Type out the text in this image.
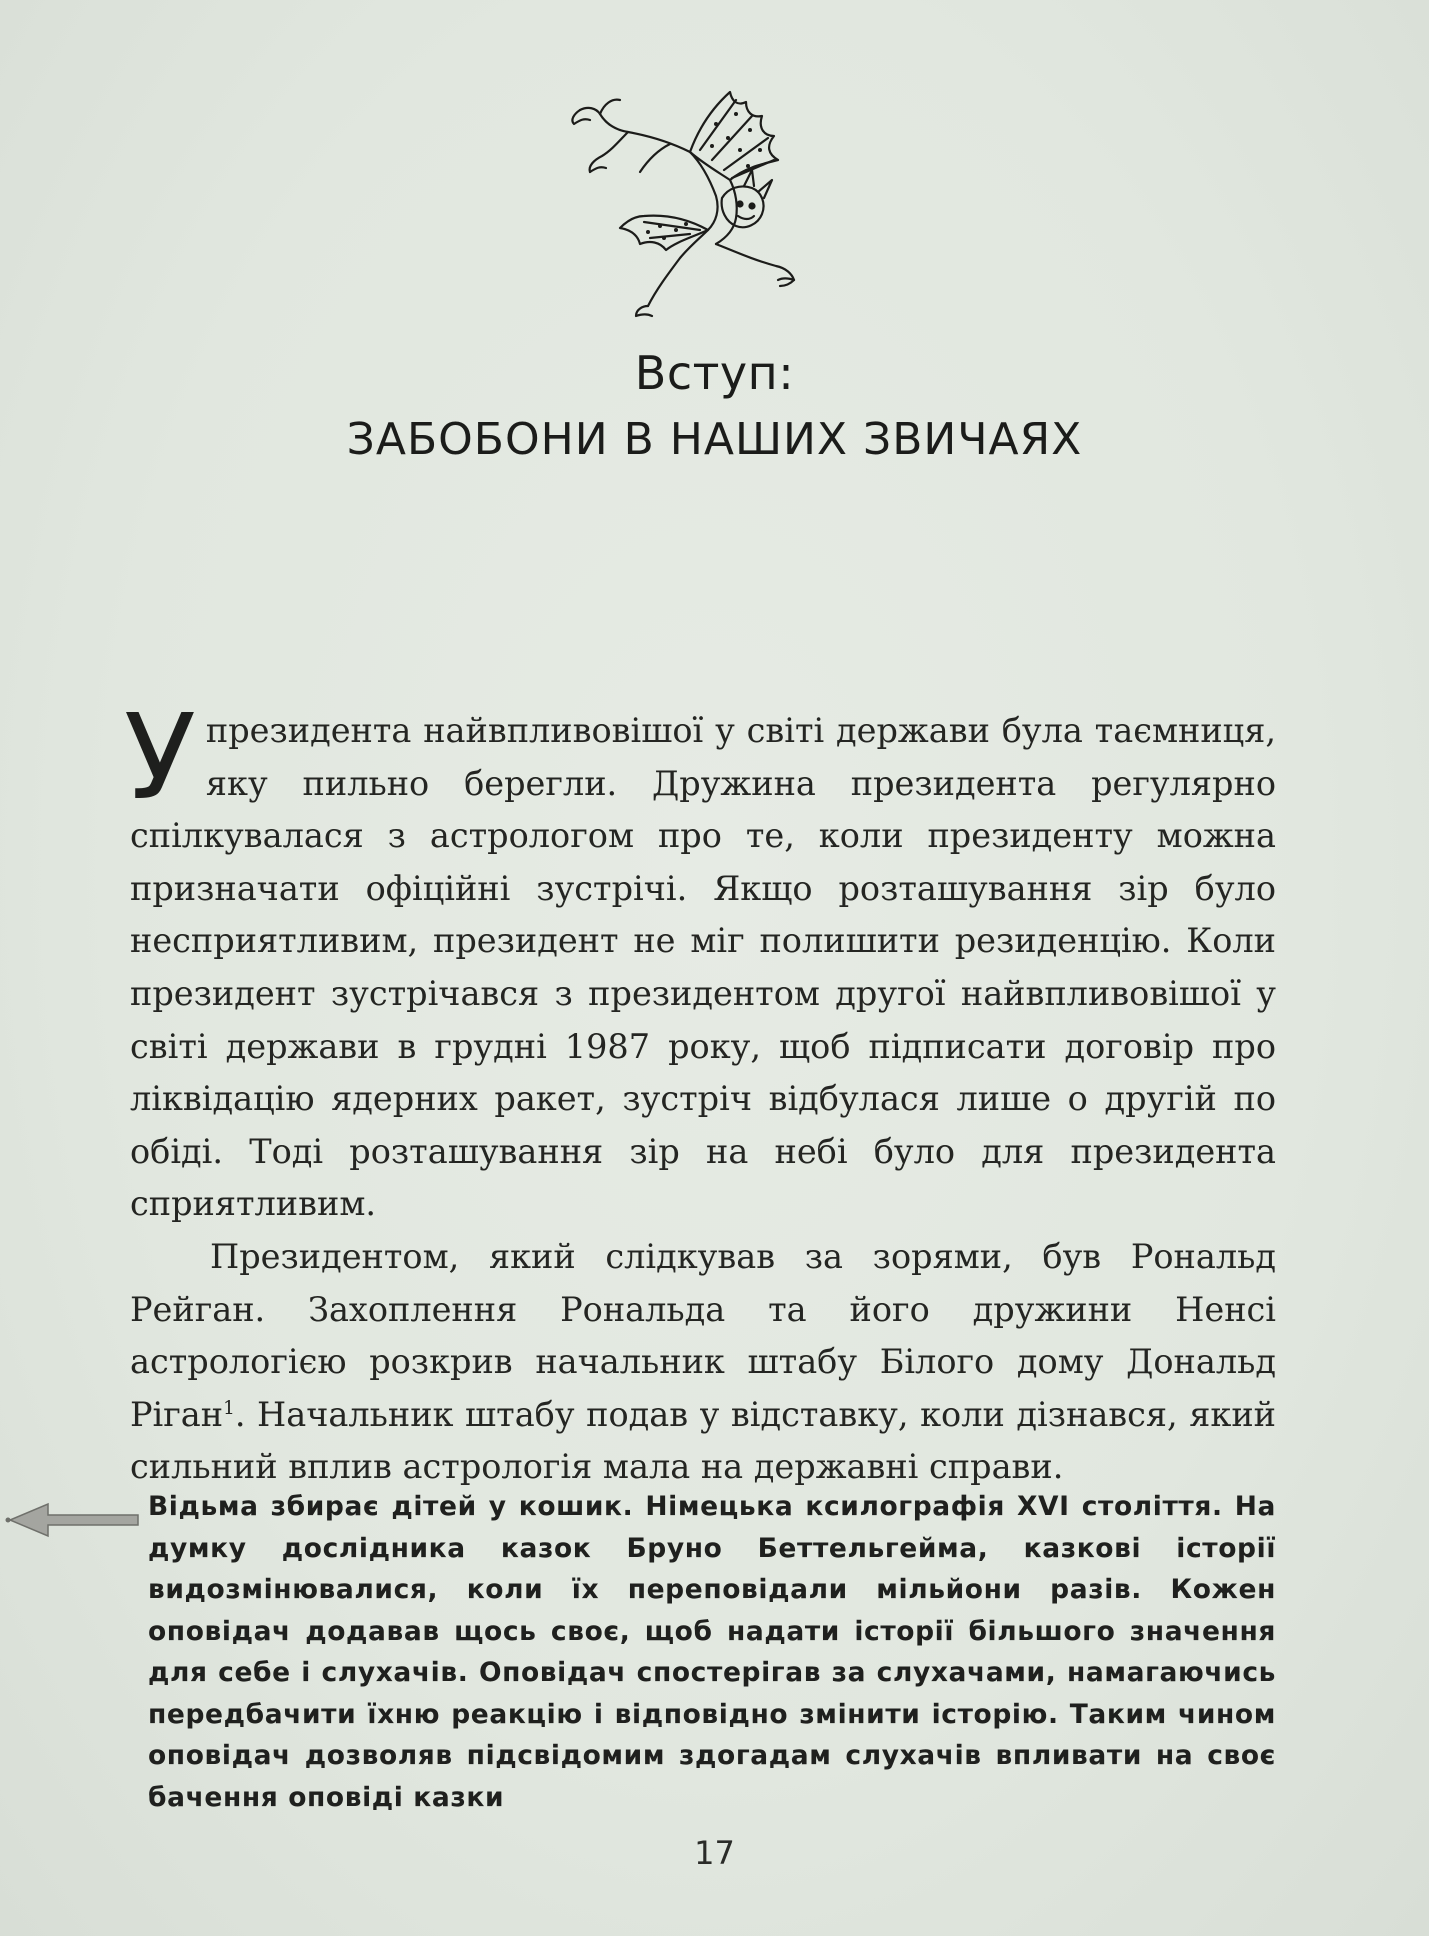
Вступ:
ЗАБОБОНИ В НАШИХ ЗВИЧАЯХ

У президента найвпливовішої у світі держави була таємниця, яку пильно берегли. Дружина президента регулярно спілкувалася з астрологом про те, коли президенту можна призначати офіційні зустрічі. Якщо розташування зір було несприятливим, президент не міг полишити резиденцію. Коли президент зустрічався з президентом другої найвпливовішої у світі держави в грудні 1987 року, щоб підписати договір про ліквідацію ядерних ракет, зустріч відбулася лише о другій по обіді. Тоді розташування зір на небі було для президента сприятливим.

Президентом, який слідкував за зорями, був Рональд Рейган. Захоплення Рональда та його дружини Ненсі астрологією розкрив начальник штабу Білого дому Дональд Ріган$^1$. Начальник штабу подав у відставку, коли дізнався, який сильний вплив астрологія мала на державні справи.

Відьма збирає дітей у кошик. Німецька ксилографія XVI століття. На думку дослідника казок Бруно Беттельгейма, казкові історії видозмінювалися, коли їх переповідали мільйони разів. Кожен оповідач додавав щось своє, щоб надати історії більшого значення для себе і слухачів. Оповідач спостерігав за слухачами, намагаючись передбачити їхню реакцію і відповідно змінити історію. Таким чином оповідач дозволяв підсвідомим здогадам слухачів впливати на своє бачення оповіді казки
17
